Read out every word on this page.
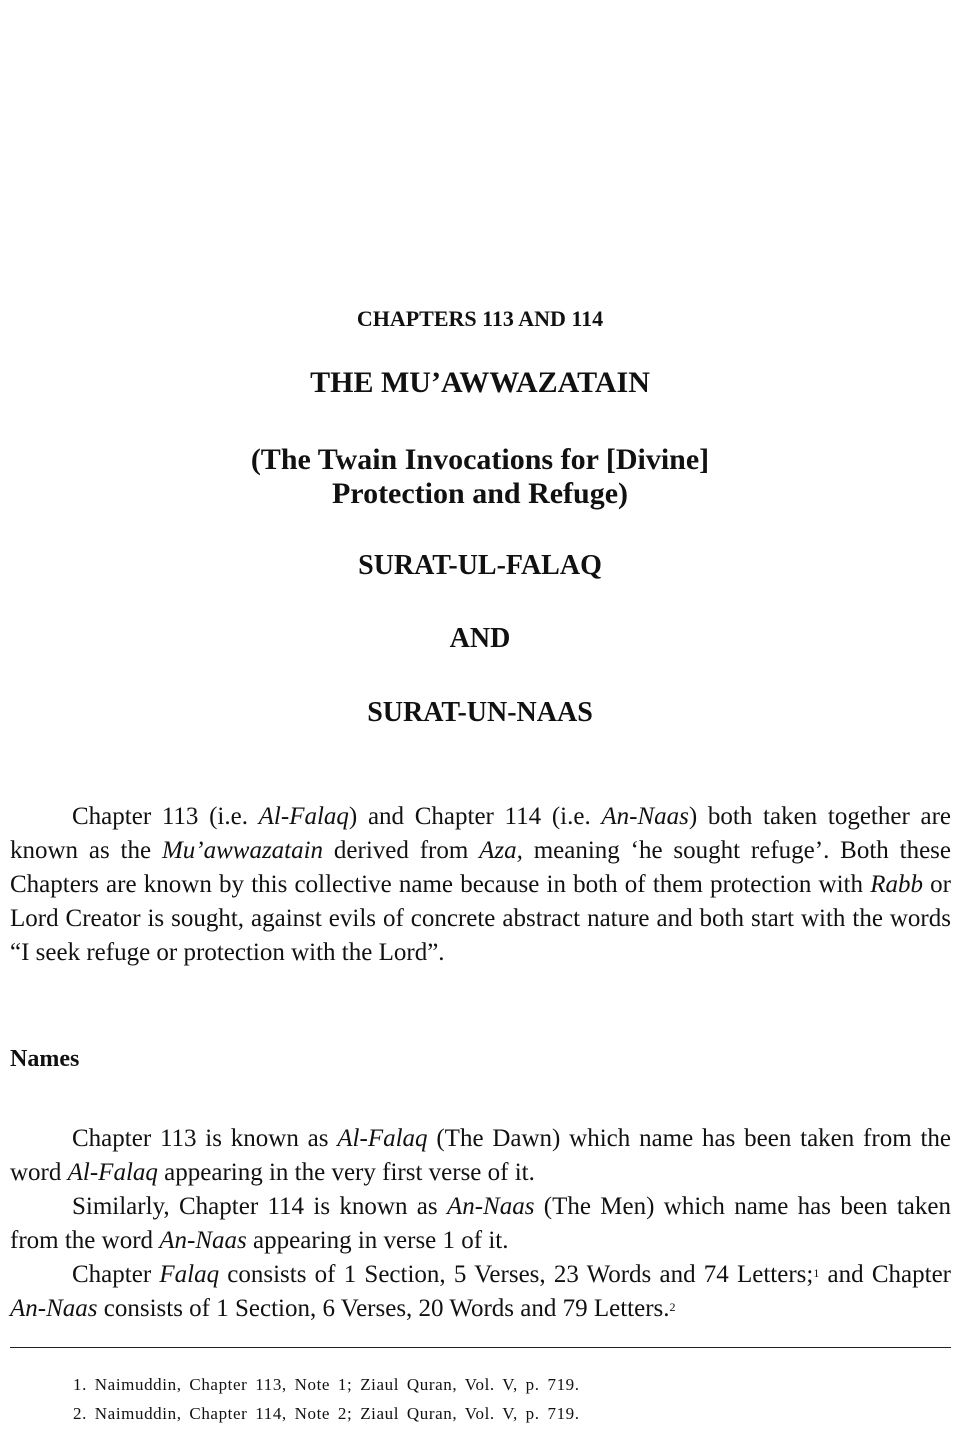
CHAPTERS 113 AND 114

THE MU’AWWAZATAIN

(The Twain Invocations for [Divine]
Protection and Refuge)

SURAT-UL-FALAQ

AND

SURAT-UN-NAAS

Chapter 113 (i.e. Al-Falaq) and Chapter 114 (i.e. An-Naas) both taken together are known as the Mu’awwazatain derived from Aza, meaning ‘he sought refuge’. Both these Chapters are known by this collective name because in both of them protection with Rabb or Lord Creator is sought, against evils of concrete abstract nature and both start with the words “I seek refuge or protection with the Lord”.

Names

Chapter 113 is known as Al-Falaq (The Dawn) which name has been taken from the word Al-Falaq appearing in the very first verse of it.

Similarly, Chapter 114 is known as An-Naas (The Men) which name has been taken from the word An-Naas appearing in verse 1 of it.

Chapter Falaq consists of 1 Section, 5 Verses, 23 Words and 74 Letters;$^1$ and Chapter An-Naas consists of 1 Section, 6 Verses, 20 Words and 79 Letters.$^2$

1. Naimuddin, Chapter 113, Note 1; Ziaul Quran, Vol. V, p. 719.
2. Naimuddin, Chapter 114, Note 2; Ziaul Quran, Vol. V, p. 719.
